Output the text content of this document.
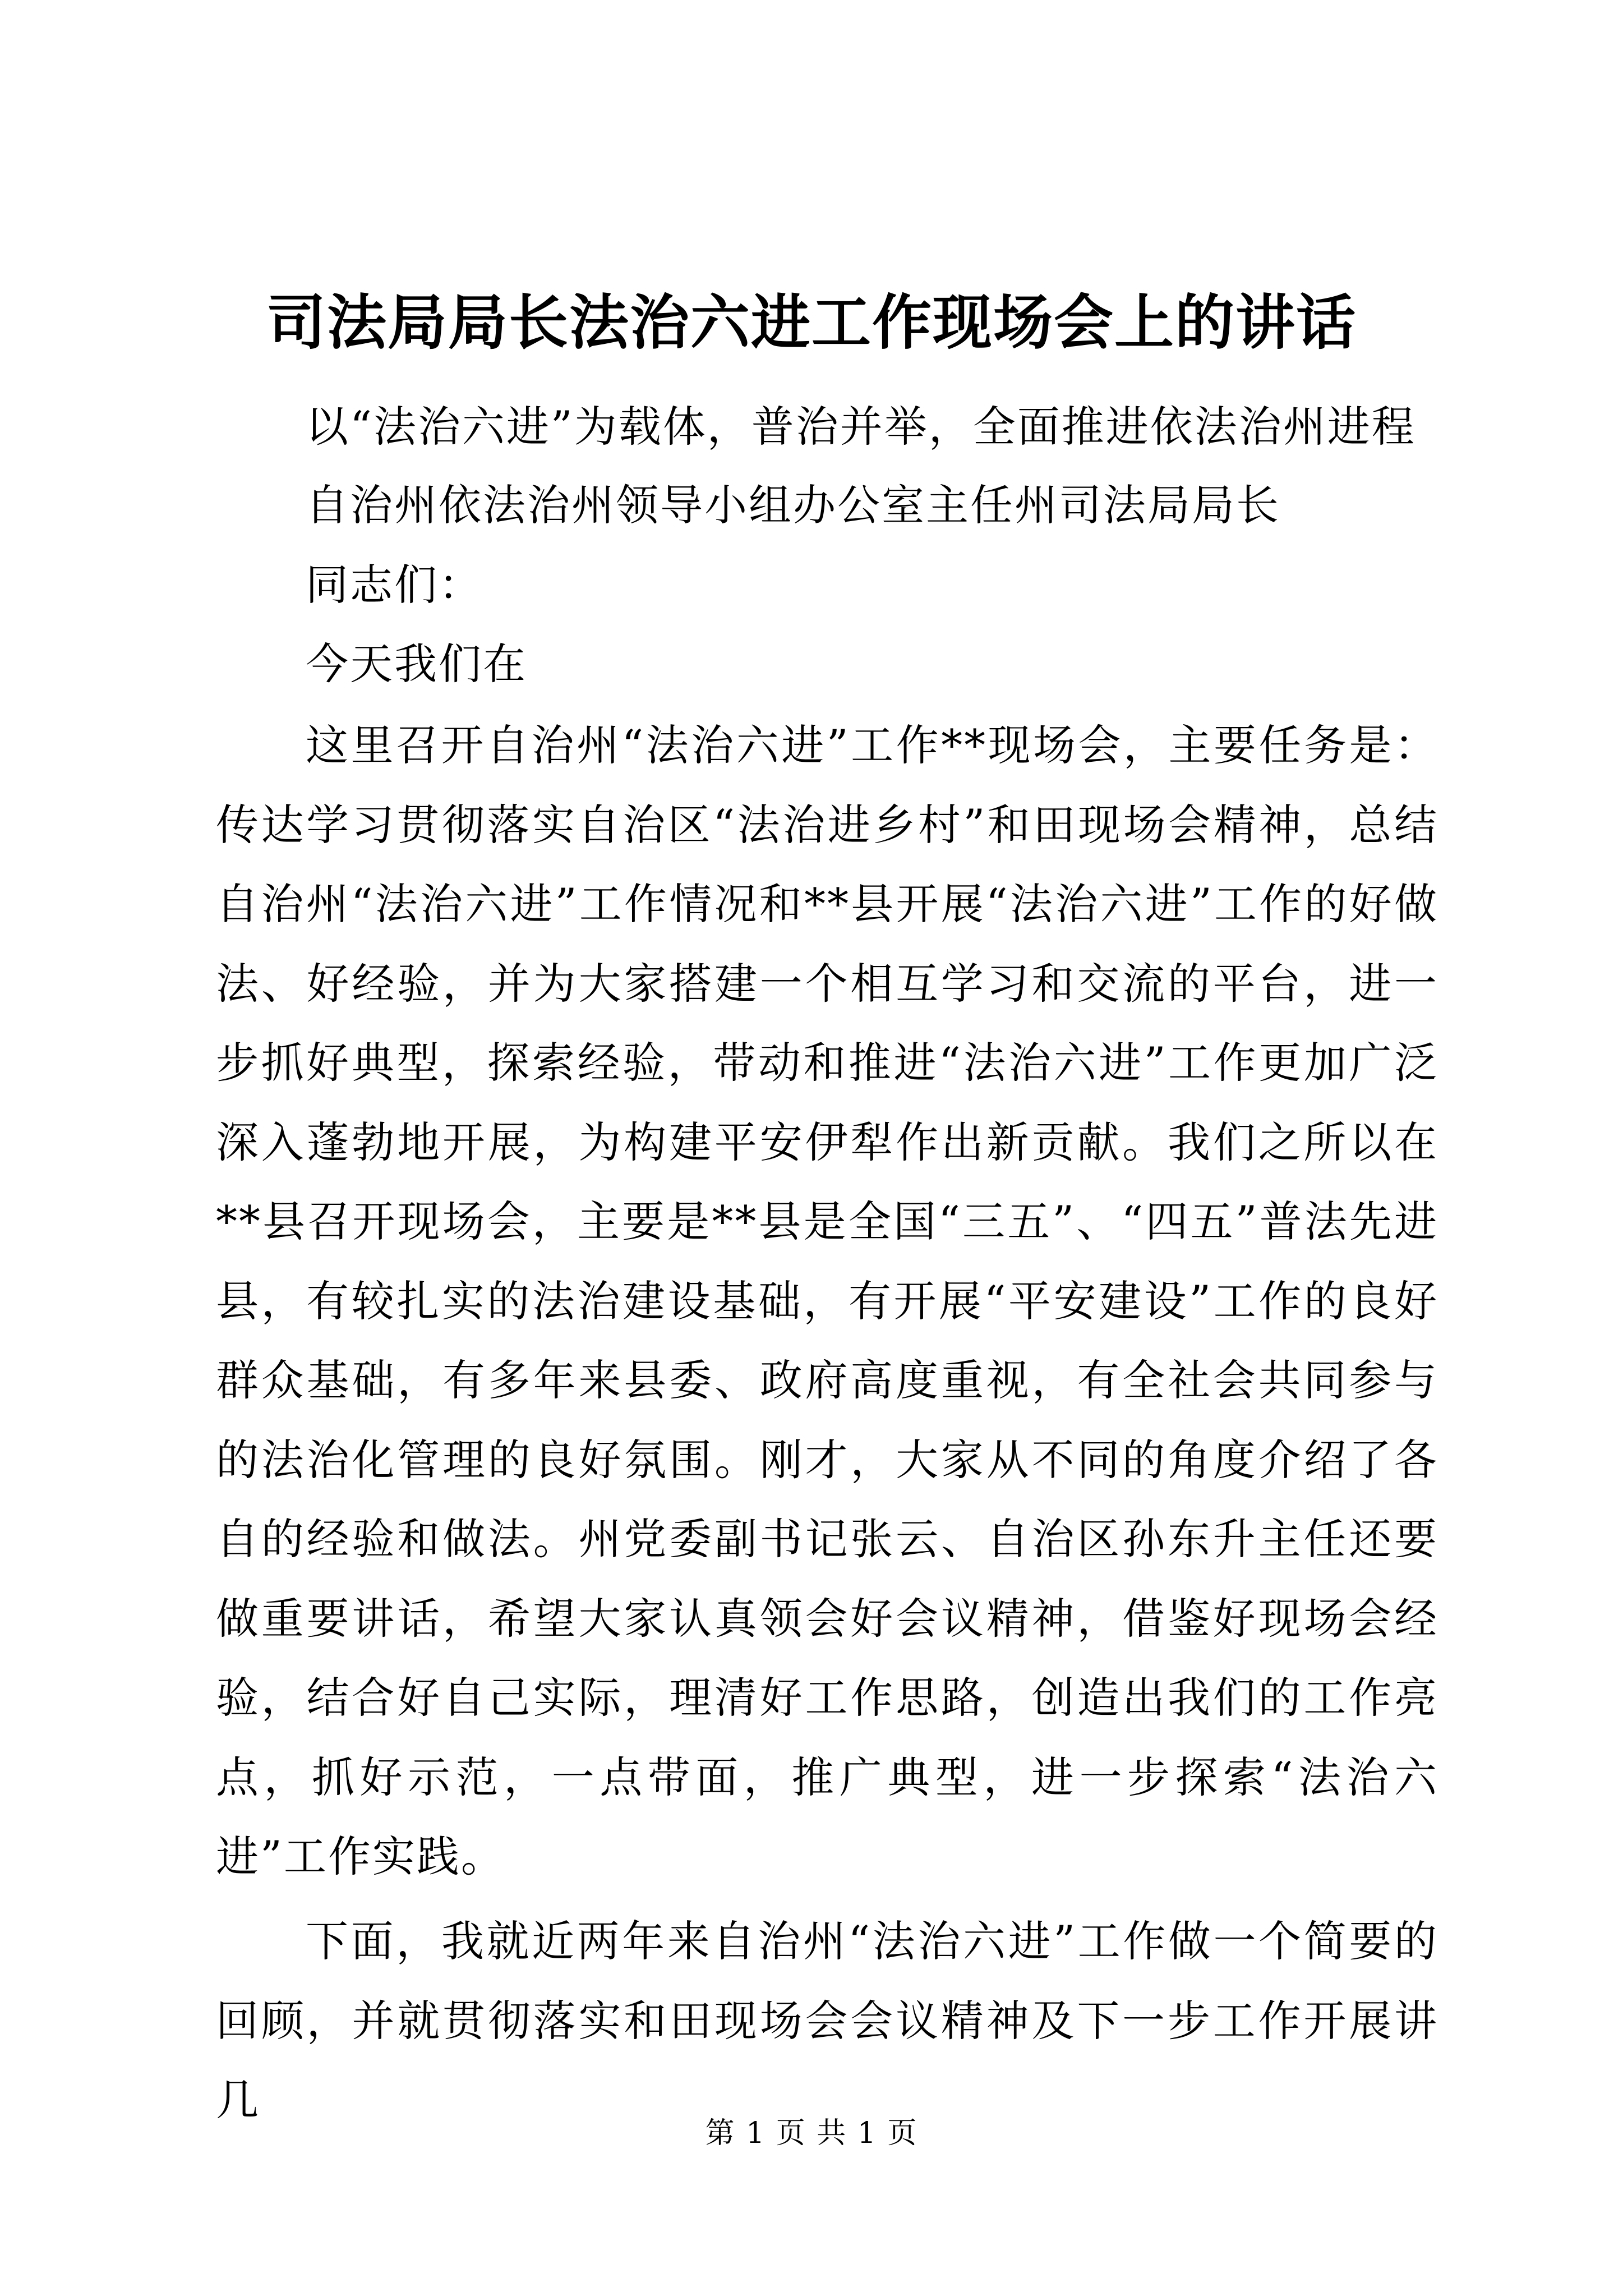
司法局局长法治六进工作现场会上的讲话
以“法治六进”为载体，普治并举，全面推进依法治州进程
自治州依法治州领导小组办公室主任州司法局局长
同志们：
今天我们在
这里召开自治州“法治六进”工作**现场会，主要任务是：传达学习贯彻落实自治区“法治进乡村”和田现场会精神，总结自治州“法治六进”工作情况和**县开展“法治六进”工作的好做法、好经验，并为大家搭建一个相互学习和交流的平台，进一步抓好典型，探索经验，带动和推进“法治六进”工作更加广泛深入蓬勃地开展，为构建平安伊犁作出新贡献。我们之所以在**县召开现场会，主要是**县是全国“三五”、“四五”普法先进县，有较扎实的法治建设基础，有开展“平安建设”工作的良好群众基础，有多年来县委、政府高度重视，有全社会共同参与的法治化管理的良好氛围。刚才，大家从不同的角度介绍了各自的经验和做法。州党委副书记张云、自治区孙东升主任还要做重要讲话，希望大家认真领会好会议精神，借鉴好现场会经验，结合好自己实际，理清好工作思路，创造出我们的工作亮点，抓好示范，一点带面，推广典型，进一步探索“法治六进”工作实践。
下面，我就近两年来自治州“法治六进”工作做一个简要的回顾，并就贯彻落实和田现场会会议精神及下一步工作开展讲几
第 1 页 共 1 页
